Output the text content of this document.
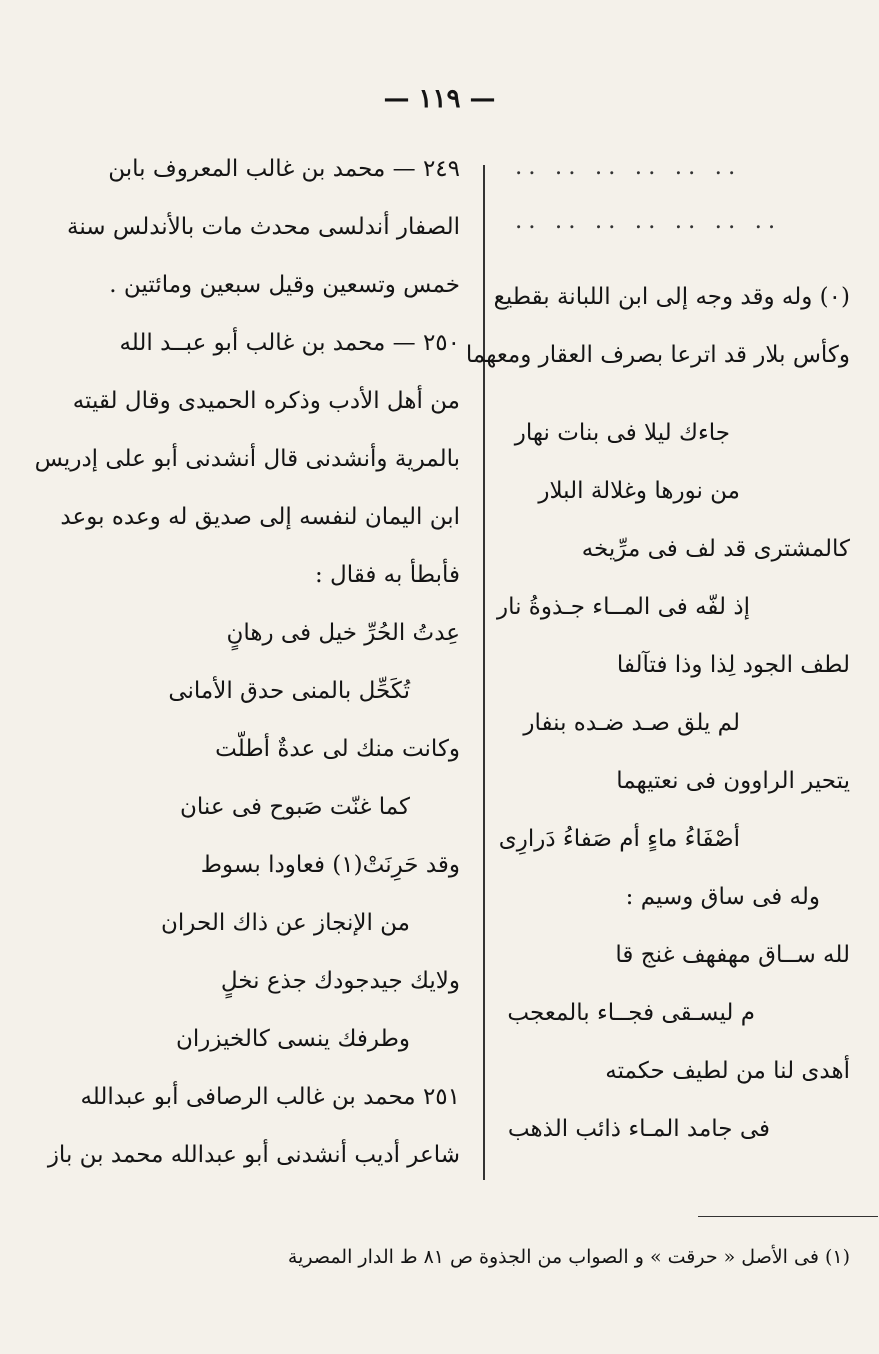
— ١١٩ —
٢٤٩ — محمد بن غالب المعروف بابن
الصفار أندلسى محدث مات بالأندلس سنة
خمس وتسعين وقيل سبعين ومائتين .
٢٥٠ — محمد بن غالب أبو عبــد الله
من أهل الأدب وذكره الحميدى وقال لقيته
بالمرية وأنشدنى قال أنشدنى أبو على إدريس
ابن اليمان لنفسه إلى صديق له وعده بوعد
فأبطأ به فقال :
عِدتُ الحُرِّ خيل فى رهانٍ
تُكَحِّل بالمنى حدق الأمانى
وكانت منك لى عدةٌ أطلّت
كما غنّت صَبوح فى عنان
وقد حَرِنَتْ(١) فعاودا بسوط
من الإنجاز عن ذاك الحران
ولايك جيدجودك جذع نخلٍ
وطرفك ينسى كالخيزران
٢٥١ محمد بن غالب الرصافى أبو عبدالله
شاعر أديب أنشدنى أبو عبدالله محمد بن باز
.. .. .. .. .. ..
.. .. .. .. .. .. ..
(٠) وله وقد وجه إلى ابن اللبانة بقطيع
وكأس بلار قد اترعا بصرف العقار ومعهما
جاءك ليلا فى بنات نهار
من نورها وغلالة البلار
كالمشترى قد لف فى مرِّيخه
إذ لفّه فى المــاء جـذوةُ نار
لطف الجود لِذا وذا فتآلفا
لم يلق صـد ضـده بنفار
يتحير الراوون فى نعتيهما
أصْفَاءُ ماءٍ أم صَفاءُ دَرارِى
وله فى ساق وسيم :
لله ســاق مهفهف غنج قا
م ليسـقى فجــاء بالمعجب
أهدى لنا من لطيف حكمته
فى جامد المـاء ذائب الذهب
(١) فى الأصل « حرقت » و الصواب من الجذوة ص ٨١ ط الدار المصرية
